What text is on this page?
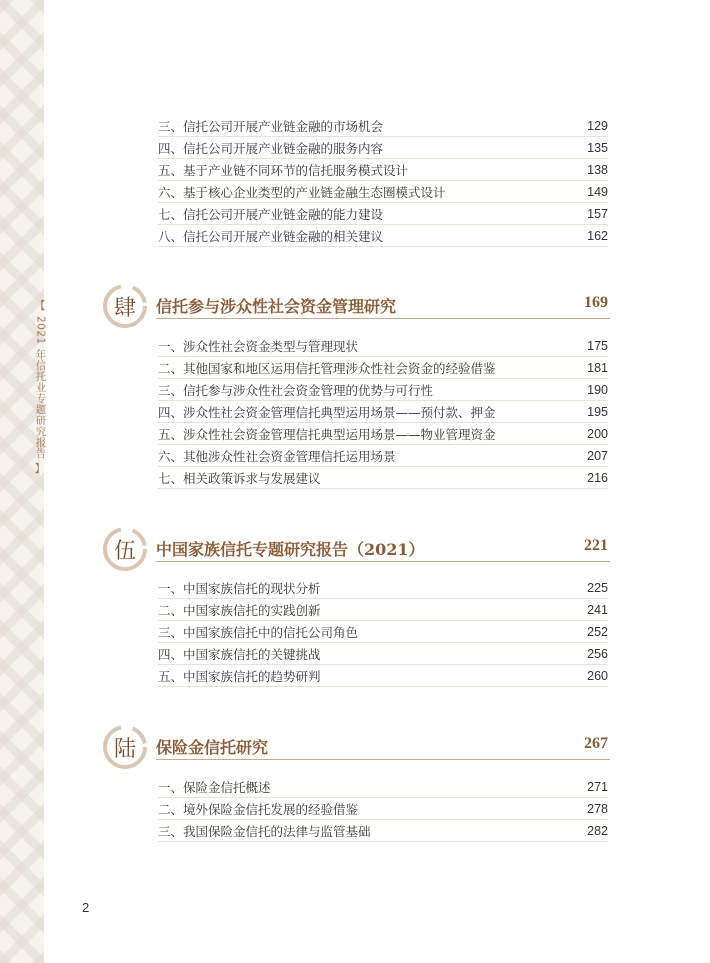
【
2021 年信托业专题研究报告
】
三、信托公司开展产业链金融的市场机会	129
四、信托公司开展产业链金融的服务内容	135
五、基于产业链不同环节的信托服务模式设计	138
六、基于核心企业类型的产业链金融生态圈模式设计	149
七、信托公司开展产业链金融的能力建设	157
八、信托公司开展产业链金融的相关建议	162
肆	信托参与涉众性社会资金管理研究	169
一、涉众性社会资金类型与管理现状	175
二、其他国家和地区运用信托管理涉众性社会资金的经验借鉴	181
三、信托参与涉众性社会资金管理的优势与可行性	190
四、涉众性社会资金管理信托典型运用场景——预付款、押金	195
五、涉众性社会资金管理信托典型运用场景——物业管理资金	200
六、其他涉众性社会资金管理信托运用场景	207
七、相关政策诉求与发展建议	216
伍	中国家族信托专题研究报告（2021）	221
一、中国家族信托的现状分析	225
二、中国家族信托的实践创新	241
三、中国家族信托中的信托公司角色	252
四、中国家族信托的关键挑战	256
五、中国家族信托的趋势研判	260
陆	保险金信托研究	267
一、保险金信托概述	271
二、境外保险金信托发展的经验借鉴	278
三、我国保险金信托的法律与监管基础	282
2
